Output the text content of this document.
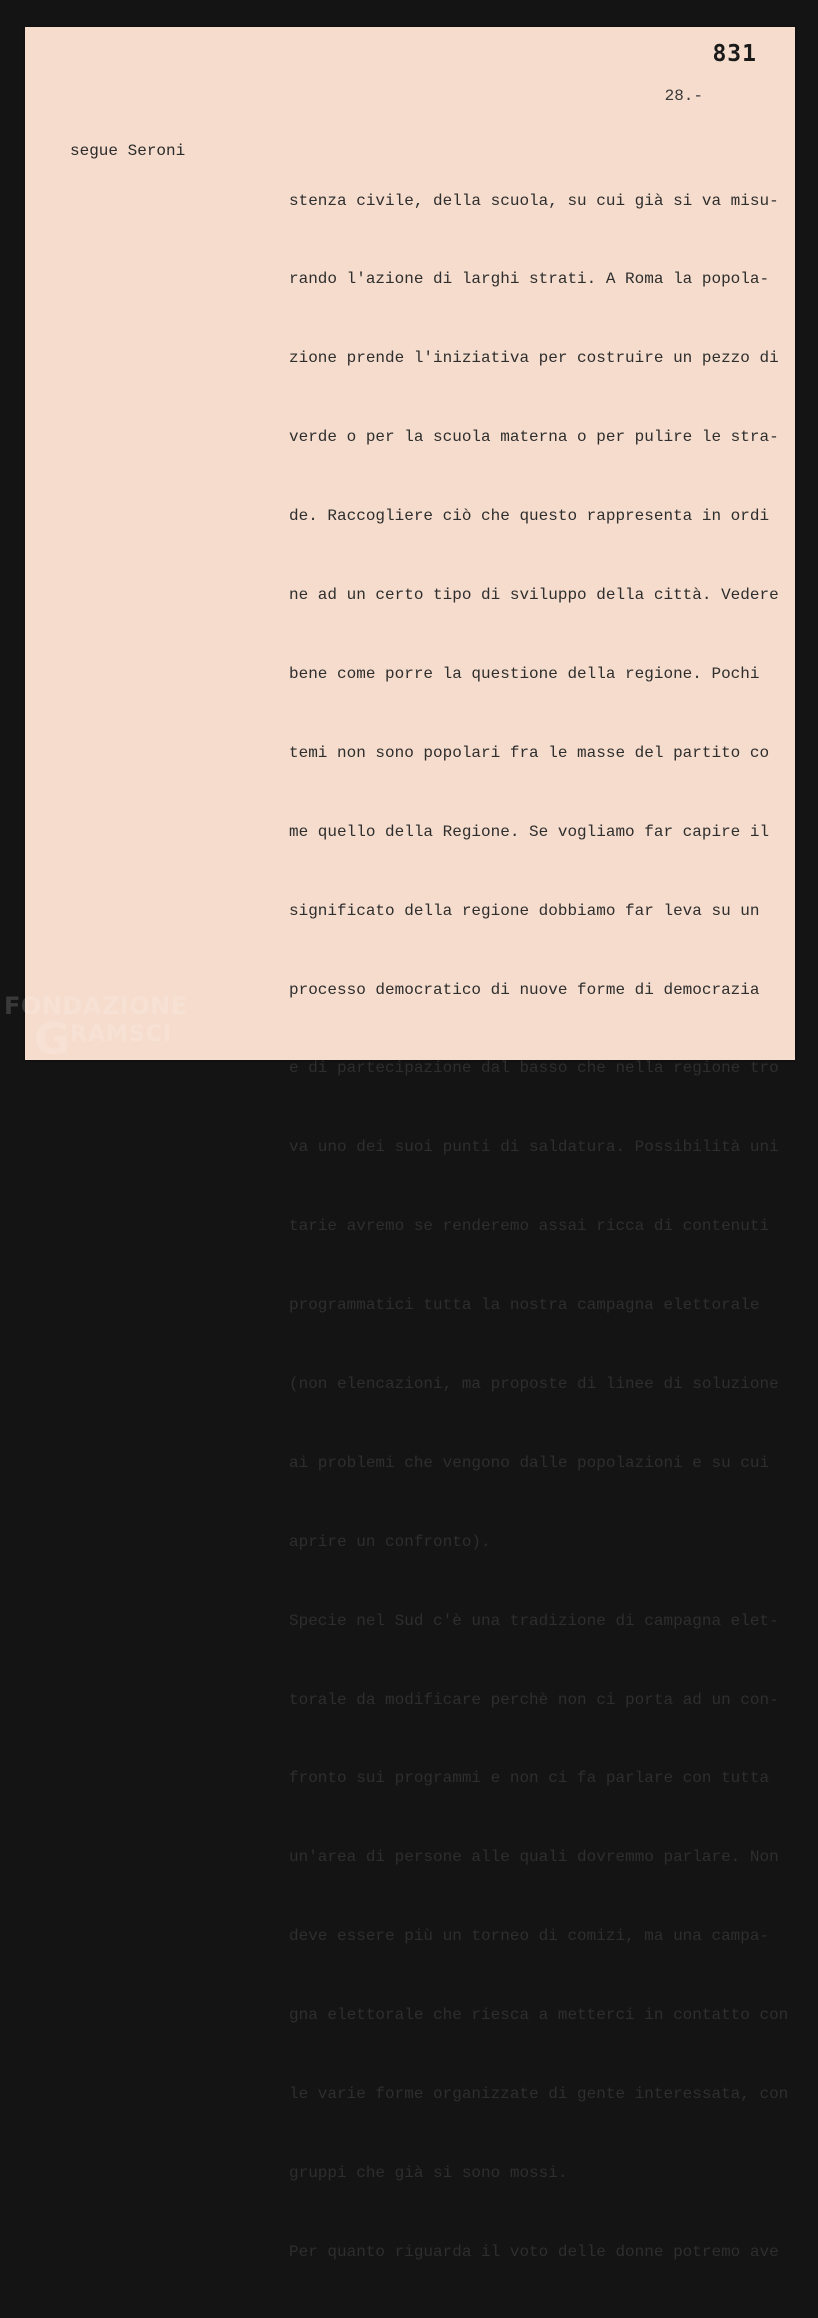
831
28.-
segue Seroni

stenza civile, della scuola, su cui già si va misu-

rando l'azione di larghi strati. A Roma la popola-

zione prende l'iniziativa per costruire un pezzo di

verde o per la scuola materna o per pulire le stra-

de. Raccogliere ciò che questo rappresenta in ordi

ne ad un certo tipo di sviluppo della città. Vedere

bene come porre la questione della regione. Pochi

temi non sono popolari fra le masse del partito co

me quello della Regione. Se vogliamo far capire il

significato della regione dobbiamo far leva su un

processo democratico di nuove forme di democrazia

e di partecipazione dal basso che nella regione tro

va uno dei suoi punti di saldatura. Possibilità uni

tarie avremo se renderemo assai ricca di contenuti

programmatici tutta la nostra campagna elettorale

(non elencazioni, ma proposte di linee di soluzione

ai problemi che vengono dalle popolazioni e su cui

aprire un confronto).

Specie nel Sud c'è una tradizione di campagna elet-

torale da modificare perchè non ci porta ad un con-

fronto sui programmi e non ci fa parlare con tutta

un'area di persone alle quali dovremmo parlare. Non

deve essere più un torneo di comizi, ma una campa-

gna elettorale che riesca a metterci in contatto con

le varie forme organizzate di gente interessata, con

gruppi che già si sono mossi.

Per quanto riguarda il voto delle donne potremo ave

FONDAZIONE
G RAMSCI
